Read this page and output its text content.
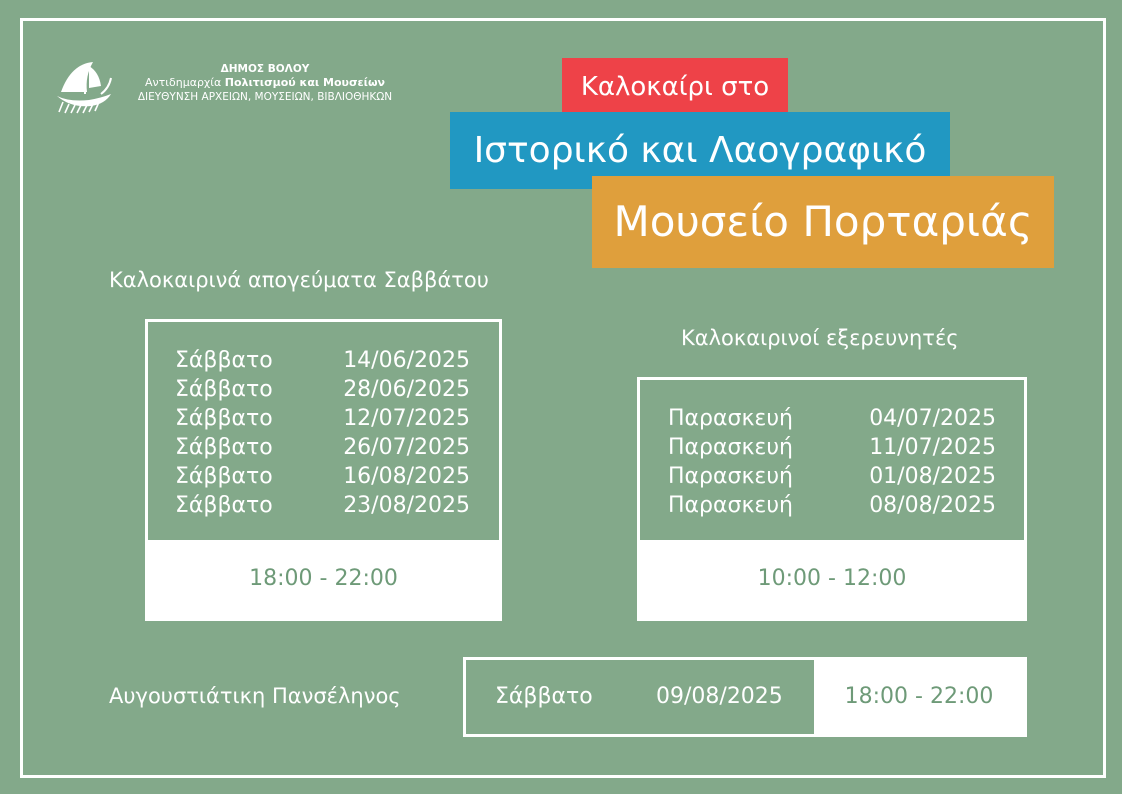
ΔΗΜΟΣ ΒΟΛΟΥ
Αντιδημαρχία Πολιτισμού και Μουσείων
ΔΙΕΥΘΥΝΣΗ ΑΡΧΕΙΩΝ, ΜΟΥΣΕΙΩΝ, ΒΙΒΛΙΟΘΗΚΩΝ	Καλοκαίρι στο
Ιστορικό και Λαογραφικό
Μουσείο Πορταριάς
Καλοκαιρινά απογεύματα Σαββάτου
Σάββατο	14/06/2025
Σάββατο	28/06/2025
Σάββατο	12/07/2025
Σάββατο	26/07/2025
Σάββατο	16/08/2025
Σάββατο	23/08/2025
18:00 - 22:00
Καλοκαιρινοί εξερευνητές
Παρασκευή	04/07/2025
Παρασκευή	11/07/2025
Παρασκευή	01/08/2025
Παρασκευή	08/08/2025
10:00 - 12:00
Αυγουστιάτικη Πανσέληνος	Σάββατο	09/08/2025	18:00 - 22:00
